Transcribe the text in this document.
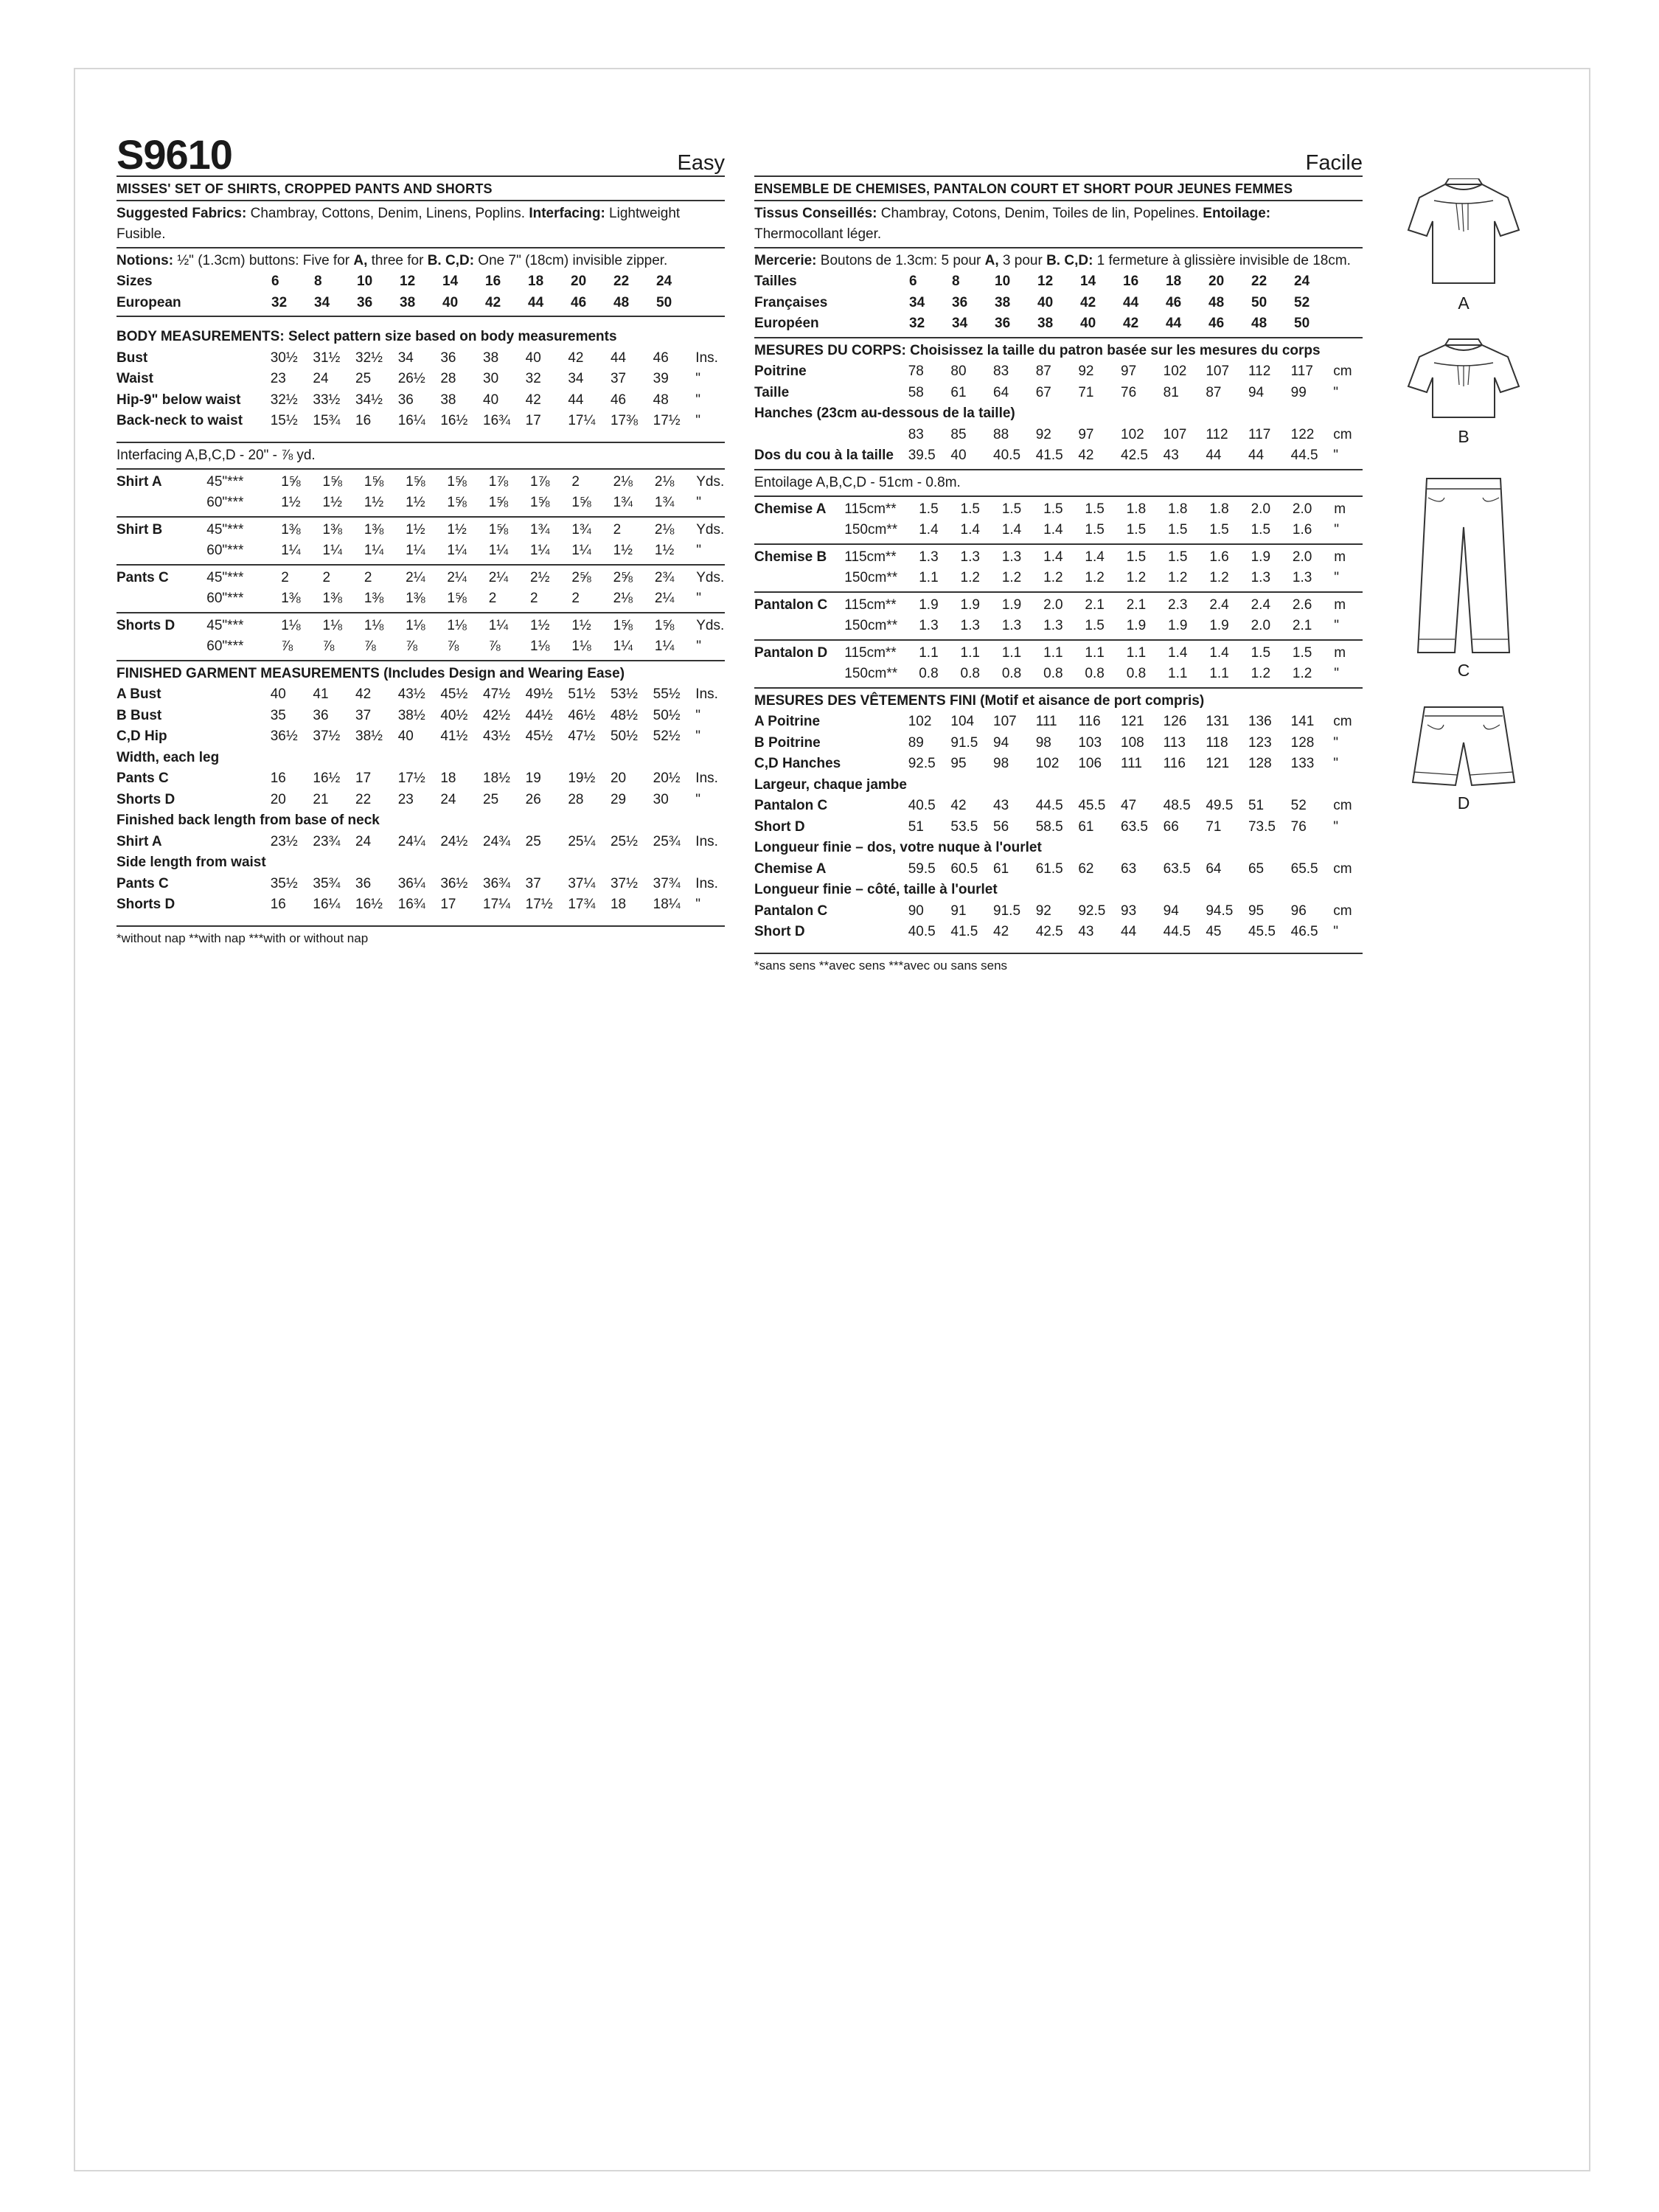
S9610	Easy
MISSES' SET OF SHIRTS, CROPPED PANTS AND SHORTS
Suggested Fabrics: Chambray, Cottons, Denim, Linens, Poplins. Interfacing: Lightweight Fusible.
Notions: ½" (1.3cm) buttons: Five for A, three for B. C,D: One 7" (18cm) invisible zipper.
Sizes	6	8	10	12	14	16	18	20	22	24
European	32	34	36	38	40	42	44	46	48	50
BODY MEASUREMENTS: Select pattern size based on body measurements
Bust	30½	31½	32½	34	36	38	40	42	44	46	Ins.
Waist	23	24	25	26½	28	30	32	34	37	39	"
Hip-9" below waist	32½	33½	34½	36	38	40	42	44	46	48	"
Back-neck to waist	15½	15¾	16	16¼	16½	16¾	17	17¼	17⅜	17½	"
Interfacing A,B,C,D - 20" - ⅞ yd.
Shirt A	45"***	1⅝	1⅝	1⅝	1⅝	1⅝	1⅞	1⅞	2	2⅛	2⅛	Yds.
60"***	1½	1½	1½	1½	1⅝	1⅝	1⅝	1⅝	1¾	1¾	"
Shirt B	45"***	1⅜	1⅜	1⅜	1½	1½	1⅝	1¾	1¾	2	2⅛	Yds.
60"***	1¼	1¼	1¼	1¼	1¼	1¼	1¼	1¼	1½	1½	"
Pants C	45"***	2	2	2	2¼	2¼	2¼	2½	2⅝	2⅝	2¾	Yds.
60"***	1⅜	1⅜	1⅜	1⅜	1⅝	2	2	2	2⅛	2¼	"
Shorts D	45"***	1⅛	1⅛	1⅛	1⅛	1⅛	1¼	1½	1½	1⅝	1⅝	Yds.
60"***	⅞	⅞	⅞	⅞	⅞	⅞	1⅛	1⅛	1¼	1¼	"
FINISHED GARMENT MEASUREMENTS (Includes Design and Wearing Ease)
A Bust	40	41	42	43½	45½	47½	49½	51½	53½	55½	Ins.
B Bust	35	36	37	38½	40½	42½	44½	46½	48½	50½	"
C,D Hip	36½	37½	38½	40	41½	43½	45½	47½	50½	52½	"
Width, each leg
Pants C	16	16½	17	17½	18	18½	19	19½	20	20½	Ins.
Shorts D	20	21	22	23	24	25	26	28	29	30	"
Finished back length from base of neck
Shirt A	23½	23¾	24	24¼	24½	24¾	25	25¼	25½	25¾	Ins.
Side length from waist
Pants C	35½	35¾	36	36¼	36½	36¾	37	37¼	37½	37¾	Ins.
Shorts D	16	16¼	16½	16¾	17	17¼	17½	17¾	18	18¼	"
*without nap **with nap ***with or without nap
Facile
ENSEMBLE DE CHEMISES, PANTALON COURT ET SHORT POUR JEUNES FEMMES
Tissus Conseillés: Chambray, Cotons, Denim, Toiles de lin, Popelines. Entoilage: Thermocollant léger.
Mercerie: Boutons de 1.3cm: 5 pour A, 3 pour B. C,D: 1 fermeture à glissière invisible de 18cm.
Tailles	6	8	10	12	14	16	18	20	22	24
Françaises	34	36	38	40	42	44	46	48	50	52
Européen	32	34	36	38	40	42	44	46	48	50
MESURES DU CORPS: Choisissez la taille du patron basée sur les mesures du corps
Poitrine	78	80	83	87	92	97	102	107	112	117	cm
Taille	58	61	64	67	71	76	81	87	94	99	"
Hanches (23cm au-dessous de la taille)
83	85	88	92	97	102	107	112	117	122	cm
Dos du cou à la taille	39.5	40	40.5	41.5	42	42.5	43	44	44	44.5	"
Entoilage A,B,C,D - 51cm - 0.8m.
Chemise A	115cm**	1.5	1.5	1.5	1.5	1.5	1.8	1.8	1.8	2.0	2.0	m
150cm**	1.4	1.4	1.4	1.4	1.5	1.5	1.5	1.5	1.5	1.6	"
Chemise B	115cm**	1.3	1.3	1.3	1.4	1.4	1.5	1.5	1.6	1.9	2.0	m
150cm**	1.1	1.2	1.2	1.2	1.2	1.2	1.2	1.2	1.3	1.3	"
Pantalon C	115cm**	1.9	1.9	1.9	2.0	2.1	2.1	2.3	2.4	2.4	2.6	m
150cm**	1.3	1.3	1.3	1.3	1.5	1.9	1.9	1.9	2.0	2.1	"
Pantalon D	115cm**	1.1	1.1	1.1	1.1	1.1	1.1	1.4	1.4	1.5	1.5	m
150cm**	0.8	0.8	0.8	0.8	0.8	0.8	1.1	1.1	1.2	1.2	"
MESURES DES VÊTEMENTS FINI (Motif et aisance de port compris)
A Poitrine	102	104	107	111	116	121	126	131	136	141	cm
B Poitrine	89	91.5	94	98	103	108	113	118	123	128	"
C,D Hanches	92.5	95	98	102	106	111	116	121	128	133	"
Largeur, chaque jambe
Pantalon C	40.5	42	43	44.5	45.5	47	48.5	49.5	51	52	cm
Short D	51	53.5	56	58.5	61	63.5	66	71	73.5	76	"
Longueur finie – dos, votre nuque à l'ourlet
Chemise A	59.5	60.5	61	61.5	62	63	63.5	64	65	65.5	cm
Longueur finie – côté, taille à l'ourlet
Pantalon C	90	91	91.5	92	92.5	93	94	94.5	95	96	cm
Short D	40.5	41.5	42	42.5	43	44	44.5	45	45.5	46.5	"
*sans sens **avec sens ***avec ou sans sens
A
B
C
D
